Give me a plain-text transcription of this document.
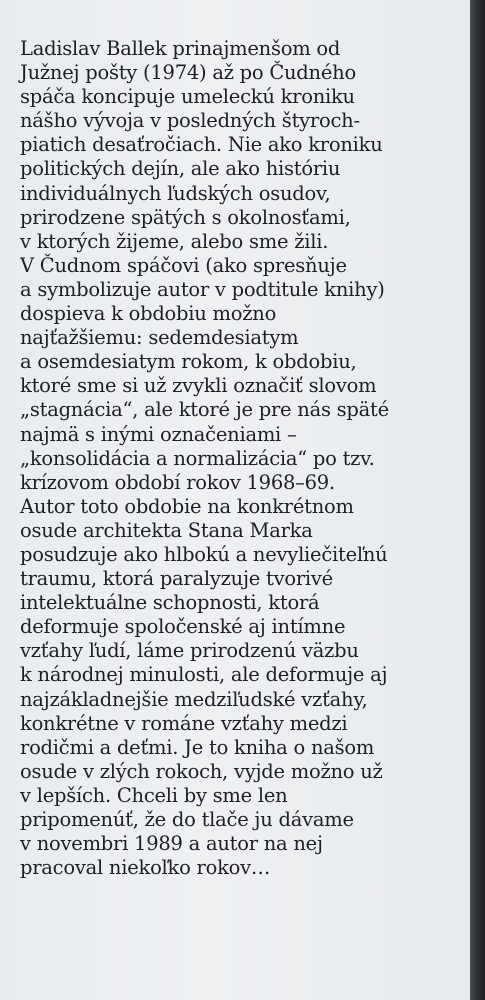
Ladislav Ballek prinajmenšom od
Južnej pošty (1974) až po Čudného
spáča koncipuje umeleckú kroniku
nášho vývoja v posledných štyroch-
piatich desaťročiach. Nie ako kroniku
politických dejín, ale ako históriu
individuálnych ľudských osudov,
prirodzene spätých s okolnosťami,
v ktorých žijeme, alebo sme žili.
V Čudnom spáčovi (ako spresňuje
a symbolizuje autor v podtitule knihy)
dospieva k obdobiu možno
najťažšiemu: sedemdesiatym
a osemdesiatym rokom, k obdobiu,
ktoré sme si už zvykli označiť slovom
„stagnácia“, ale ktoré je pre nás späté
najmä s inými označeniami –
„konsolidácia a normalizácia“ po tzv.
krízovom období rokov 1968–69.
Autor toto obdobie na konkrétnom
osude architekta Stana Marka
posudzuje ako hlbokú a nevyliečiteľnú
traumu, ktorá paralyzuje tvorivé
intelektuálne schopnosti, ktorá
deformuje spoločenské aj intímne
vzťahy ľudí, láme prirodzenú väzbu
k národnej minulosti, ale deformuje aj
najzákladnejšie medziľudské vzťahy,
konkrétne v románe vzťahy medzi
rodičmi a deťmi. Je to kniha o našom
osude v zlých rokoch, vyjde možno už
v lepších. Chceli by sme len
pripomenúť, že do tlače ju dávame
v novembri 1989 a autor na nej
pracoval niekoľko rokov…
